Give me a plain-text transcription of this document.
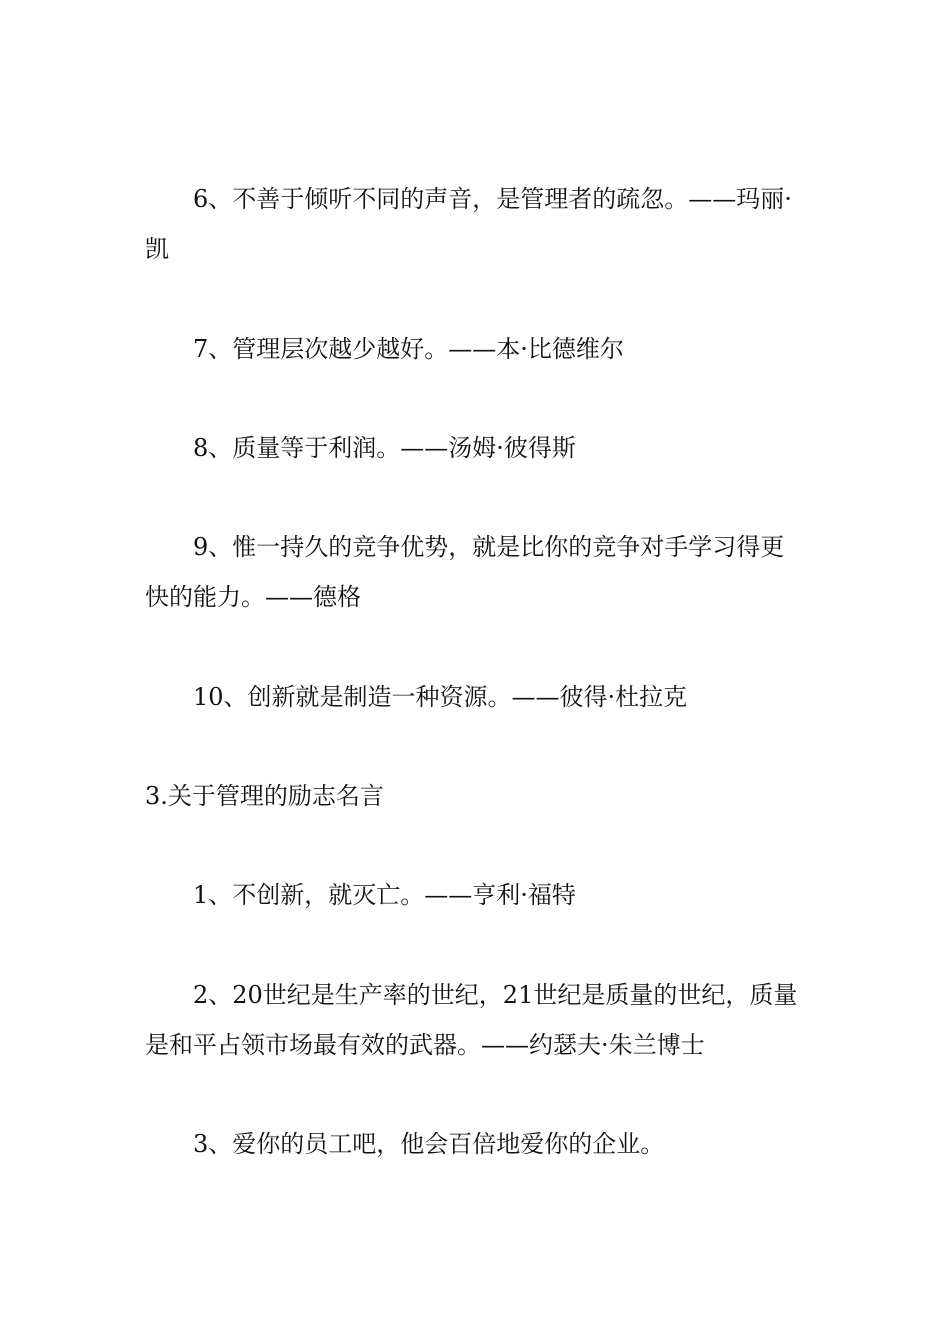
6、不善于倾听不同的声音，是管理者的疏忽。——玛丽·凯

7、管理层次越少越好。——本·比德维尔

8、质量等于利润。——汤姆·彼得斯

9、惟一持久的竞争优势，就是比你的竞争对手学习得更快的能力。——德格

10、创新就是制造一种资源。——彼得·杜拉克

3.关于管理的励志名言

1、不创新，就灭亡。——亨利·福特

2、20世纪是生产率的世纪，21世纪是质量的世纪，质量是和平占领市场最有效的武器。——约瑟夫·朱兰博士

3、爱你的员工吧，他会百倍地爱你的企业。
